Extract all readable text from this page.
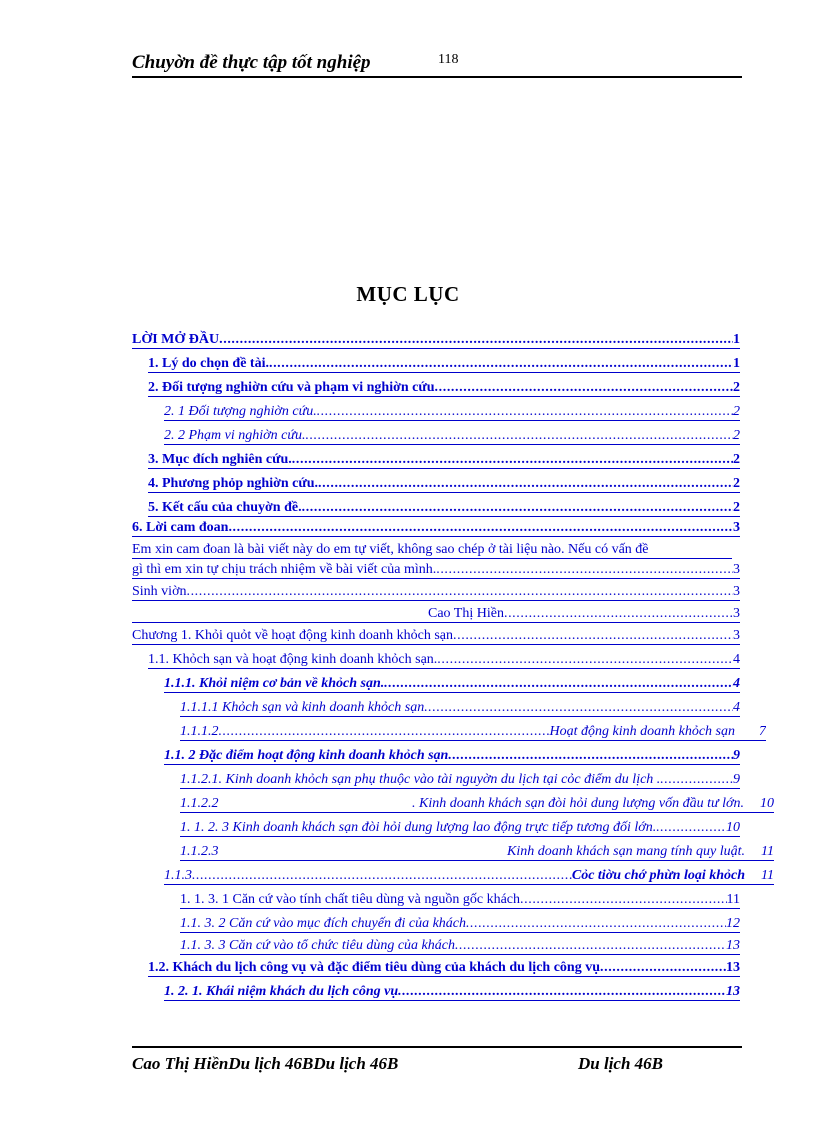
Chuyờn đề thực tập tốt nghiệp	118
MỤC LỤC
LỜI MỞ ĐẦU .....	1
1. Lý do chọn đề tài. .....	1
2. Đối tượng nghiờn cứu và phạm vi nghiờn cứu .....	2
2. 1 Đối tượng nghiờn cứu. .....	2
2. 2 Phạm vi nghiờn cứu. .....	2
3. Mục đích nghiên cứu. .....	2
4. Phương phỏp nghiờn cứu. .....	2
5. Kết cấu của chuyờn đề. .....	2
6. Lời cam đoan .....	3
Em xin cam đoan là bài viết này do em tự viết, không sao chép ở tài liệu nào. Nếu có vấn đề
gì thì em xin tự chịu trách nhiệm về bài viết của mình. .....	3
Sinh viờn .....	3
Cao Thị Hiền .....	3
Chương 1. Khỏi quỏt về hoạt động kinh doanh khỏch sạn .....	3
1.1. Khỏch sạn và hoạt động kinh doanh khỏch sạn. .....	4
1.1.1. Khỏi niệm cơ bản về khỏch sạn. .....	4
1.1.1.1 Khỏch sạn và kinh doanh khỏch sạn .....	4
1.1.1.2 .....	Hoạt động kinh doanh khỏch sạn 7
1.1. 2 Đặc điểm hoạt động kinh doanh khỏch sạn .....	9
1.1.2.1. Kinh doanh khỏch sạn phụ thuộc vào tài nguyờn du lịch tại cỏc điểm du lịch . .....	9
1.1.2.2	. Kinh doanh khách sạn đòi hỏi dung lượng vốn đầu tư lớn. 10
1. 1. 2. 3 Kinh doanh khách sạn đòi hỏi dung lượng lao động trực tiếp tương đối lớn. .....	10
1.1.2.3	Kinh doanh khách sạn mang tính quy luật. 11
1.1.3 .....	Cỏc tiờu chớ phừn loại khỏch 11
1. 1. 3. 1 Căn cứ vào tính chất tiêu dùng và nguồn gốc khách .....	11
1.1. 3. 2 Căn cứ vào mục đích chuyến đi của khách .....	12
1.1. 3. 3 Căn cứ vào tổ chức tiêu dùng của khách .....	13
1.2. Khách du lịch công vụ và đặc điểm tiêu dùng của khách du lịch công vụ .....	13
1. 2. 1. Khái niệm khách du lịch công vụ .....	13
Cao Thị HiềnDu lịch 46BDu lịch 46B	Du lịch 46B
